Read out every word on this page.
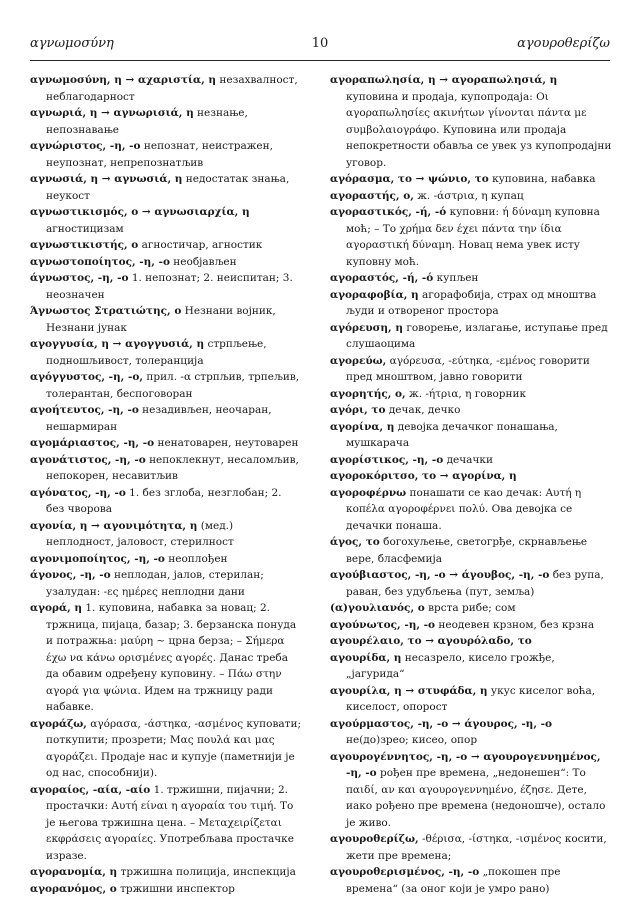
αγνωμοσύνη	10	αγουροθερίζω

αγνωμοσύνη, η → αχαριστία, η незахвалност, неблагодарност

αγνωριά, η → αγνωρισιά, η незнање, непознавање

αγνώριστος, -η, -ο непознат, неистражен, неупознат, непрепознатљив

αγνωσιά, η → αγνωσιά, η недостатак знања, неукост

αγνωστικισμός, ο → αγνωσιαρχία, η агностицизам

αγνωστικιστής, ο агностичар, агностик

αγνωστοποίητος, -η, -ο необјављен

άγνωστος, -η, -ο 1. непознат; 2. неиспитан; 3. неозначен

Άγνωστος Στρατιώτης, ο Незнани војник, Незнани јунак

αγογγυσία, η → αγογγυσιά, η стрпљење, подношљивост, толеранција

αγόγγυστος, -η, -ο, прил. -α стрпљив, трпељив, толерантан, беспоговоран

αγοήτευτος, -η, -ο незадивљен, неочаран, нешармиран

αγομάριαστος, -η, -ο ненатоварен, неутоварен

αγονάτιστος, -η, -ο непоклекнут, несаломљив, непокорен, несавитљив

αγόνατος, -η, -ο 1. без зглоба, незглобан; 2. без чворова

αγονία, η → αγονιμότητα, η (мед.) неплодност, јаловост, стерилност

αγονιμοποίητος, -η, -ο неоплођен

άγονος, -η, -ο неплодан, јалов, стерилан; узалудан: -ες ημέρες неплодни дани

αγορά, η 1. куповина, набавка за новац; 2. тржница, пијаца, базар; 3. берзанска понуда и потражња: μαύρη ~ црна берза; – Σήμερα έχω να κάνω ορισμένες αγορές. Данас треба да обавим одређену куповину. – Πάω στην αγορά για ψώνια. Идем на тржницу ради набавке.

αγοράζω, αγόρασα, -άστηκα, -ασμένος куповати; поткупити; прозрети; Μας πουλά και μας αγοράζει. Продаје нас и купује (паметнији је од нас, способнији).

αγοραίος, -αία, -αίο 1. тржишни, пијачни; 2. простачки: Αυτή είναι η αγοραία του τιμή. То је његова тржишна цена. – Μεταχειρίζεται εκφράσεις αγοραίες. Употребљава простачке изразе.

αγορανομία, η тржишна полиција, инспекција

αγορανόμος, ο тржишни инспектор

αγοραπωλησία, η → αγοραπωλησιά, η куповина и продаја, купопродаја: Οι αγοραπωλησίες ακινήτων γίνονται πάντα με συμβολαιογράφο. Куповина или продаја непокретности обавља се увек уз купопродајни уговор.

αγόρασμα, το → ψώνιο, το куповина, набавка

αγοραστής, ο, ж. -άστρια, η купац

αγοραστικός, -ή, -ό куповни: ή δύναμη куповна моћ; – Το χρήμα δεν έχει πάντα την ίδια αγοραστική δύναμη. Новац нема увек исту куповну моћ.

αγοραστός, -ή, -ό купљен

αγοραφοβία, η агорафобија, страх од мноштва људи и отвореног простора

αγόρευση, η говорење, излагање, иступање пред слушаоцима

αγορεύω, αγόρευσα, -εύτηκα, -εμένος говорити пред мноштвом, јавно говорити

αγορητής, ο, ж. -ήτρια, η говорник

αγόρι, το дечак, дечко

αγορίνα, η девојка дечачког понашања, мушкарача

αγορίστικος, -η, -ο дечачки

αγοροκόριτσο, το → αγορίνα, η

αγοροφέρνω понашати се као дечак: Αυτή η κοπέλα αγοροφέρνει πολύ. Ова девојка се дечачки понаша.

άγος, το богохуљење, светогрђе, скрнављење вере, бласфемија

αγούβιαστος, -η, -ο → άγουβος, -η, -ο без рупа, раван, без удубљења (пут, земља)

(α)γουλιανός, ο врста рибе; сом

αγούνωτος, -η, -ο неодевен крзном, без крзна

αγουρέλαιο, το → αγουρόλαδο, το

αγουρίδα, η несазрело, кисело грожђе, „јагурида“

αγουρίλα, η → στυφάδα, η укус киселог воћа, киселост, опорост

αγούρμαστος, -η, -ο → άγουρος, -η, -ο не(до)зрео; кисео, опор

αγουρογέννητος, -η, -ο → αγουρογεννημένος, -η, -ο рођен пре времена, „недонешен“: Το παιδί, αν και αγουρογεννημένο, έζησε. Дете, иако рођено пре времена (недоношче), остало је живо.

αγουροθερίζω, -θέρισα, -ίστηκα, -ισμένος косити, жети пре времена;

αγουροθερισμένος, -η, -ο „покошен пре времена“ (за оног који је умро рано)
